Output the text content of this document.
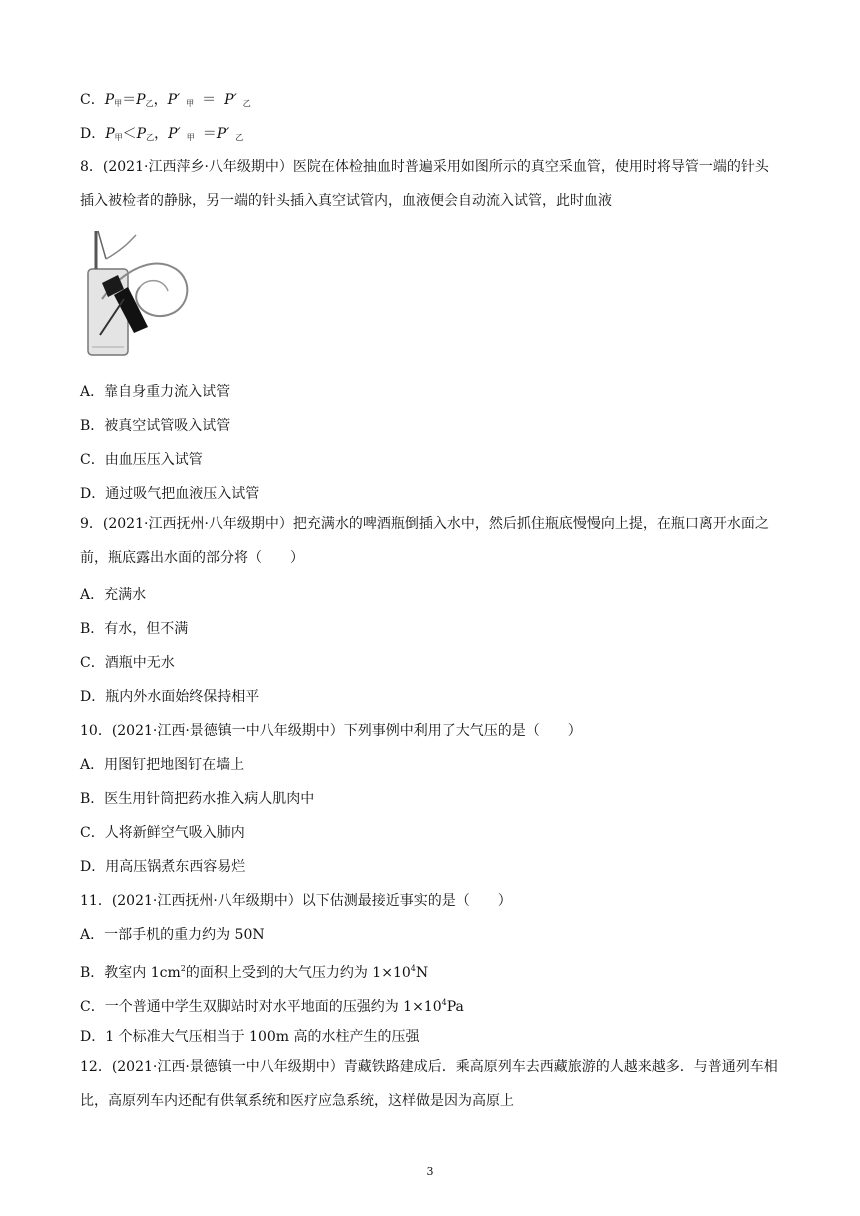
C．$P_甲=P_乙$，P′ $_甲$ ＝ P′ $_乙$
D．$P_甲<P_乙$，P′ $_甲$ ＝P′ $_乙$
8．(2021·江西萍乡·八年级期中）医院在体检抽血时普遍采用如图所示的真空采血管，使用时将导管一端的针头插入被检者的静脉，另一端的针头插入真空试管内，血液便会自动流入试管，此时血液
A．靠自身重力流入试管
B．被真空试管吸入试管
C．由血压压入试管
D．通过吸气把血液压入试管
9．(2021·江西抚州·八年级期中）把充满水的啤酒瓶倒插入水中，然后抓住瓶底慢慢向上提，在瓶口离开水面之前，瓶底露出水面的部分将（　　）
A．充满水
B．有水，但不满
C．酒瓶中无水
D．瓶内外水面始终保持相平
10．(2021·江西·景德镇一中八年级期中）下列事例中利用了大气压的是（　　）
A．用图钉把地图钉在墙上
B．医生用针筒把药水推入病人肌肉中
C．人将新鲜空气吸入肺内
D．用高压锅煮东西容易烂
11．(2021·江西抚州·八年级期中）以下估测最接近事实的是（　　）
A．一部手机的重力约为 50N
B．教室内 $1cm^2$的面积上受到的大气压力约为 $1\times 10^4N$
C．一个普通中学生双脚站时对水平地面的压强约为 $1\times 10^4Pa$
D．1 个标准大气压相当于 100m 高的水柱产生的压强
12．(2021·江西·景德镇一中八年级期中）青藏铁路建成后．乘高原列车去西藏旅游的人越来越多．与普通列车相比，高原列车内还配有供氧系统和医疗应急系统，这样做是因为高原上
3
